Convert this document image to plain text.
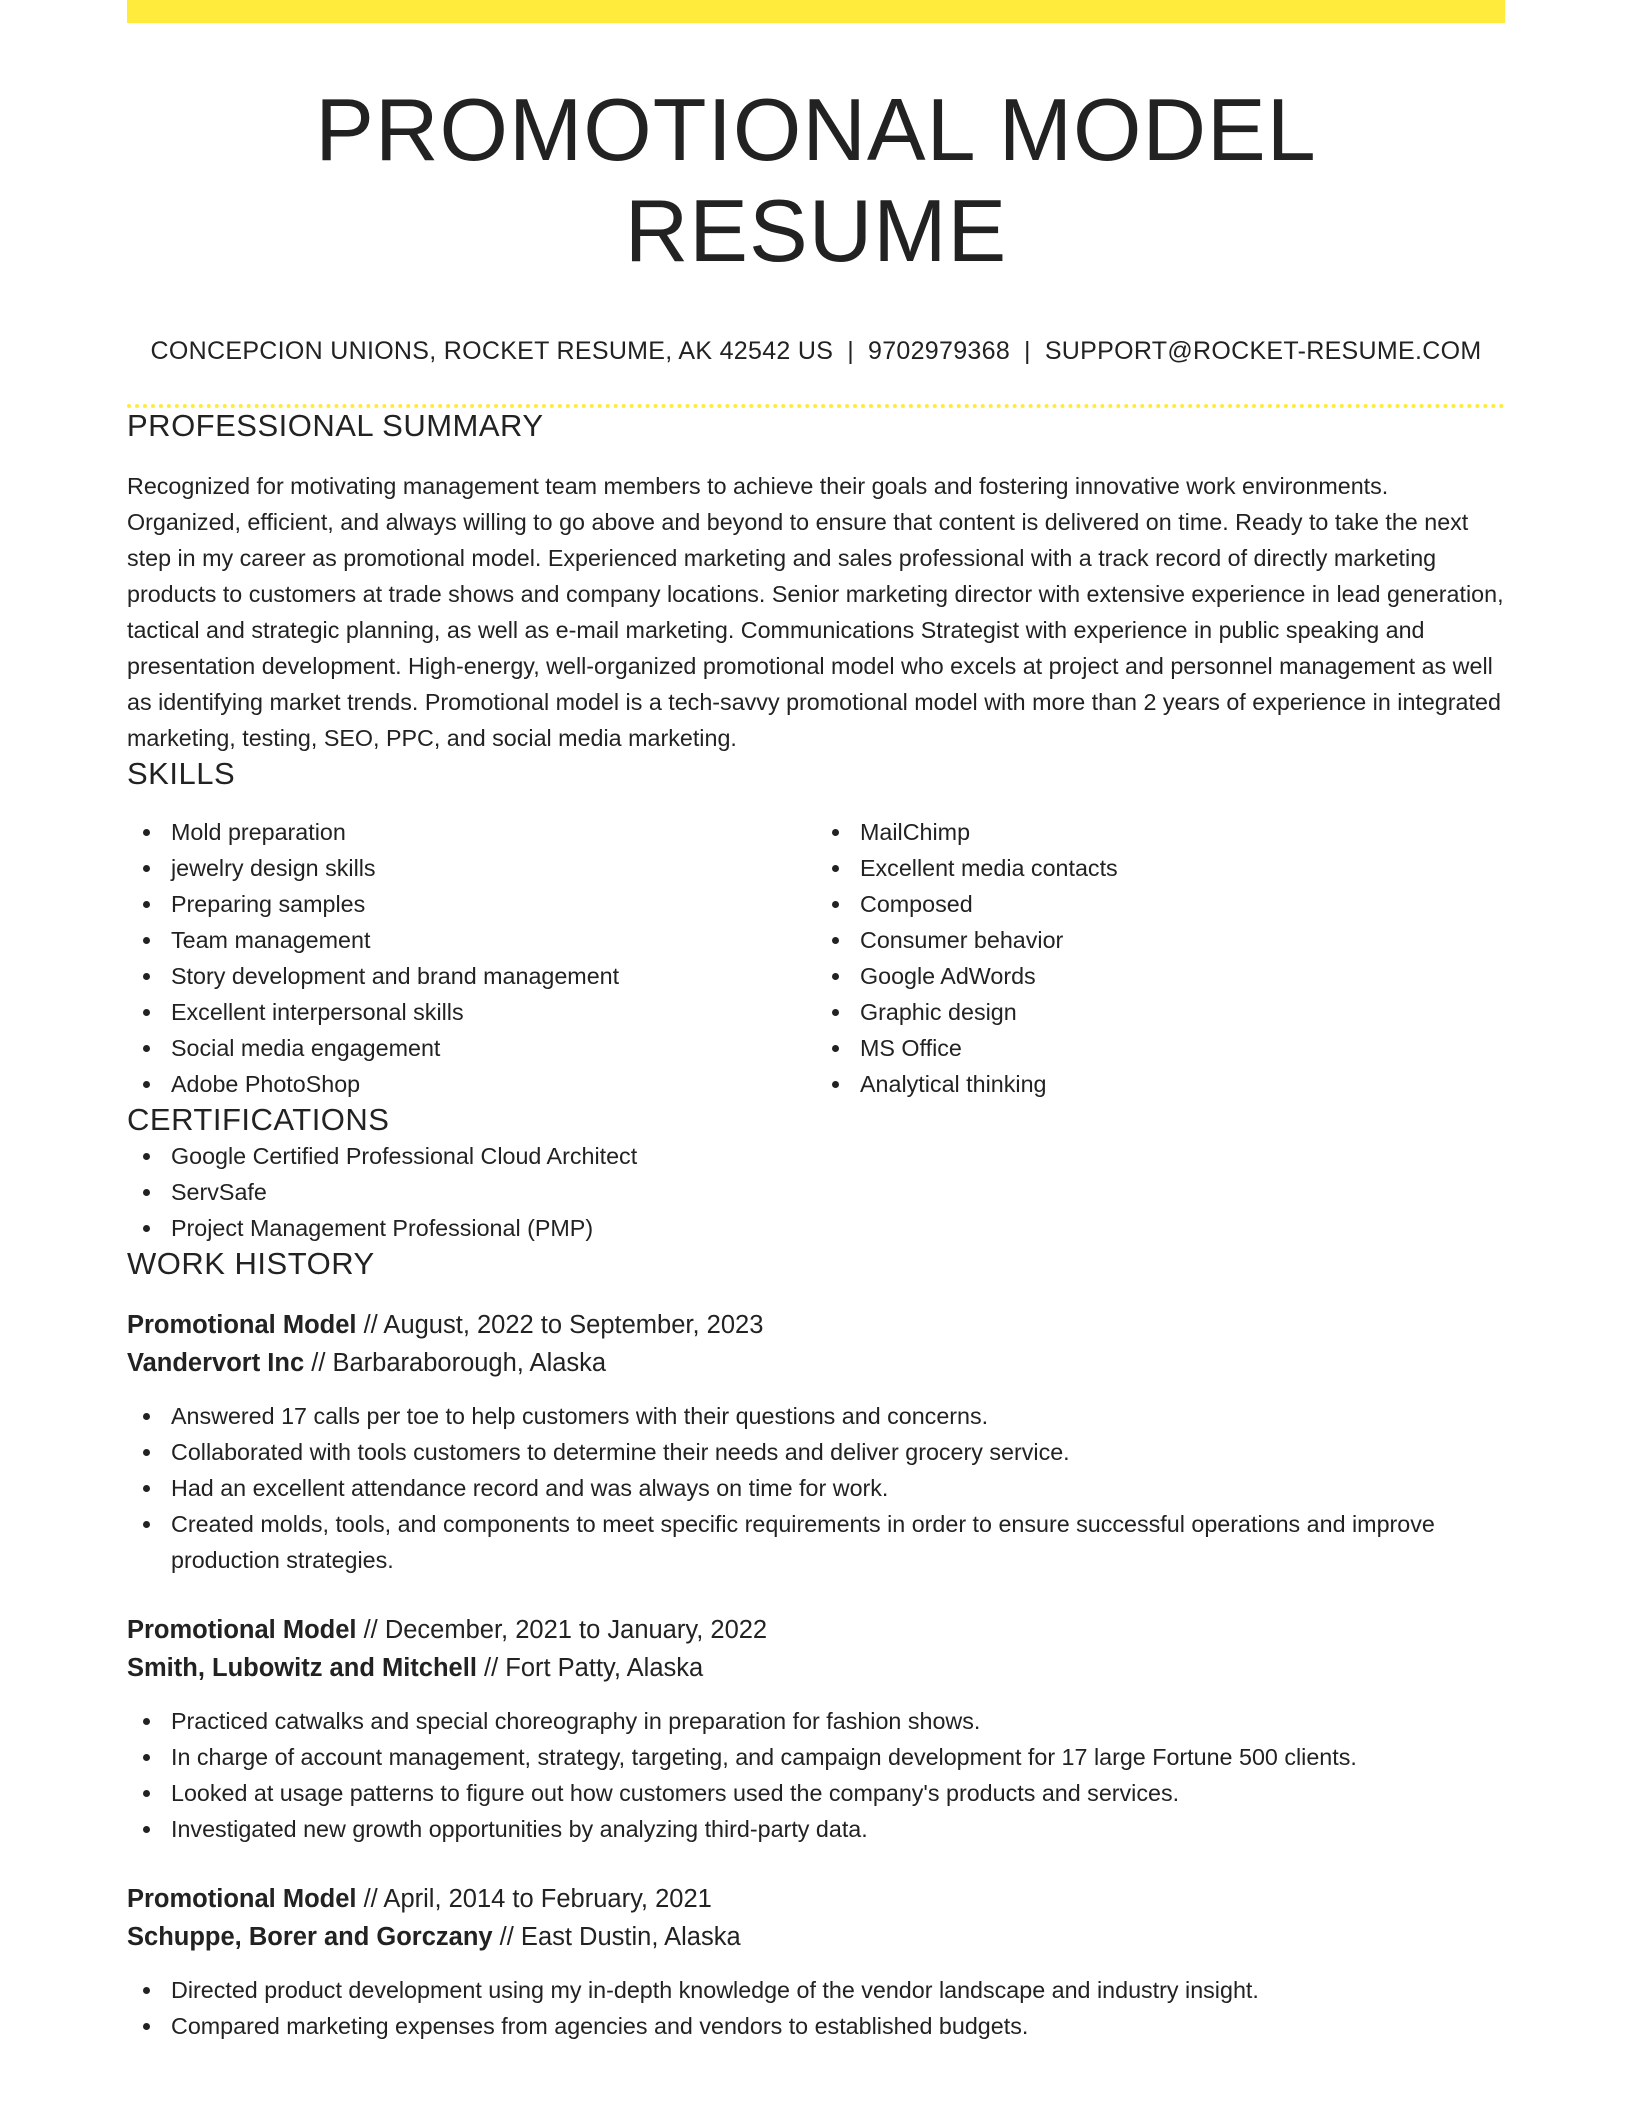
PROMOTIONAL MODEL RESUME
CONCEPCION UNIONS, ROCKET RESUME, AK 42542 US | 9702979368 | SUPPORT@ROCKET-RESUME.COM
PROFESSIONAL SUMMARY

Recognized for motivating management team members to achieve their goals and fostering innovative work environments. Organized, efficient, and always willing to go above and beyond to ensure that content is delivered on time. Ready to take the next step in my career as promotional model. Experienced marketing and sales professional with a track record of directly marketing products to customers at trade shows and company locations. Senior marketing director with extensive experience in lead generation, tactical and strategic planning, as well as e-mail marketing. Communications Strategist with experience in public speaking and presentation development. High-energy, well-organized promotional model who excels at project and personnel management as well as identifying market trends. Promotional model is a tech-savvy promotional model with more than 2 years of experience in integrated marketing, testing, SEO, PPC, and social media marketing.

SKILLS
Mold preparation
jewelry design skills
Preparing samples
Team management
Story development and brand management
Excellent interpersonal skills
Social media engagement
Adobe PhotoShop
MailChimp
Excellent media contacts
Composed
Consumer behavior
Google AdWords
Graphic design
MS Office
Analytical thinking
CERTIFICATIONS
Google Certified Professional Cloud Architect
ServSafe
Project Management Professional (PMP)
WORK HISTORY
Promotional Model // August, 2022 to September, 2023
Vandervort Inc // Barbaraborough, Alaska
Answered 17 calls per toe to help customers with their questions and concerns.
Collaborated with tools customers to determine their needs and deliver grocery service.
Had an excellent attendance record and was always on time for work.
Created molds, tools, and components to meet specific requirements in order to ensure successful operations and improve production strategies.
Promotional Model // December, 2021 to January, 2022
Smith, Lubowitz and Mitchell // Fort Patty, Alaska
Practiced catwalks and special choreography in preparation for fashion shows.
In charge of account management, strategy, targeting, and campaign development for 17 large Fortune 500 clients.
Looked at usage patterns to figure out how customers used the company's products and services.
Investigated new growth opportunities by analyzing third-party data.
Promotional Model // April, 2014 to February, 2021
Schuppe, Borer and Gorczany // East Dustin, Alaska
Directed product development using my in-depth knowledge of the vendor landscape and industry insight.
Compared marketing expenses from agencies and vendors to established budgets.
